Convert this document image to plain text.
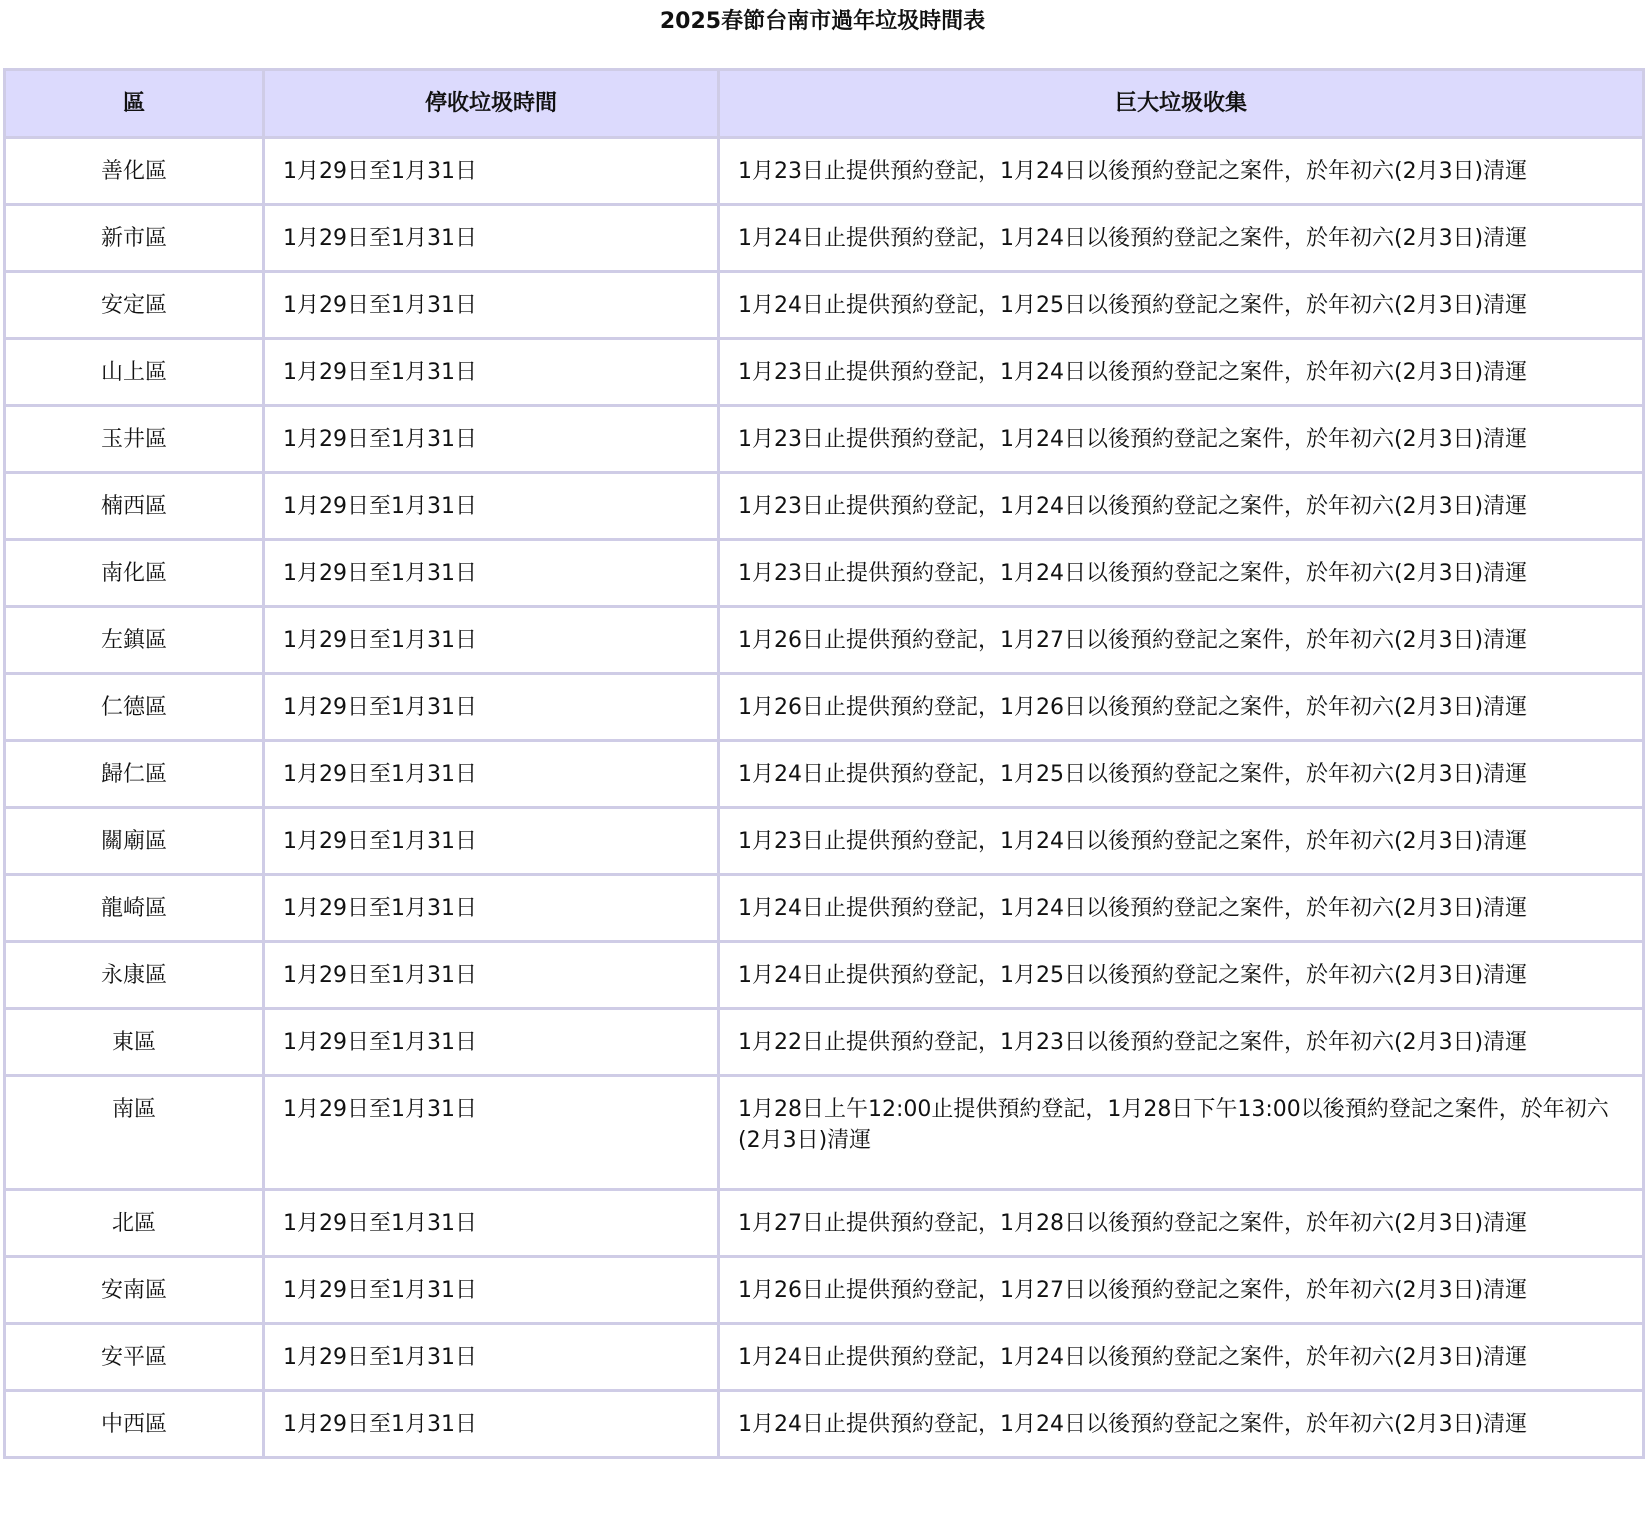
2025春節台南市過年垃圾時間表
區	停收垃圾時間	巨大垃圾收集
善化區	1月29日至1月31日	1月23日止提供預約登記，1月24日以後預約登記之案件，於年初六(2月3日)清運
新市區	1月29日至1月31日	1月24日止提供預約登記，1月24日以後預約登記之案件，於年初六(2月3日)清運
安定區	1月29日至1月31日	1月24日止提供預約登記，1月25日以後預約登記之案件，於年初六(2月3日)清運
山上區	1月29日至1月31日	1月23日止提供預約登記，1月24日以後預約登記之案件，於年初六(2月3日)清運
玉井區	1月29日至1月31日	1月23日止提供預約登記，1月24日以後預約登記之案件，於年初六(2月3日)清運
楠西區	1月29日至1月31日	1月23日止提供預約登記，1月24日以後預約登記之案件，於年初六(2月3日)清運
南化區	1月29日至1月31日	1月23日止提供預約登記，1月24日以後預約登記之案件，於年初六(2月3日)清運
左鎮區	1月29日至1月31日	1月26日止提供預約登記，1月27日以後預約登記之案件，於年初六(2月3日)清運
仁德區	1月29日至1月31日	1月26日止提供預約登記，1月26日以後預約登記之案件，於年初六(2月3日)清運
歸仁區	1月29日至1月31日	1月24日止提供預約登記，1月25日以後預約登記之案件，於年初六(2月3日)清運
關廟區	1月29日至1月31日	1月23日止提供預約登記，1月24日以後預約登記之案件，於年初六(2月3日)清運
龍崎區	1月29日至1月31日	1月24日止提供預約登記，1月24日以後預約登記之案件，於年初六(2月3日)清運
永康區	1月29日至1月31日	1月24日止提供預約登記，1月25日以後預約登記之案件，於年初六(2月3日)清運
東區	1月29日至1月31日	1月22日止提供預約登記，1月23日以後預約登記之案件，於年初六(2月3日)清運
南區	1月29日至1月31日	1月28日上午12:00止提供預約登記，1月28日下午13:00以後預約登記之案件，於年初六(2月3日)清運
北區	1月29日至1月31日	1月27日止提供預約登記，1月28日以後預約登記之案件，於年初六(2月3日)清運
安南區	1月29日至1月31日	1月26日止提供預約登記，1月27日以後預約登記之案件，於年初六(2月3日)清運
安平區	1月29日至1月31日	1月24日止提供預約登記，1月24日以後預約登記之案件，於年初六(2月3日)清運
中西區	1月29日至1月31日	1月24日止提供預約登記，1月24日以後預約登記之案件，於年初六(2月3日)清運
